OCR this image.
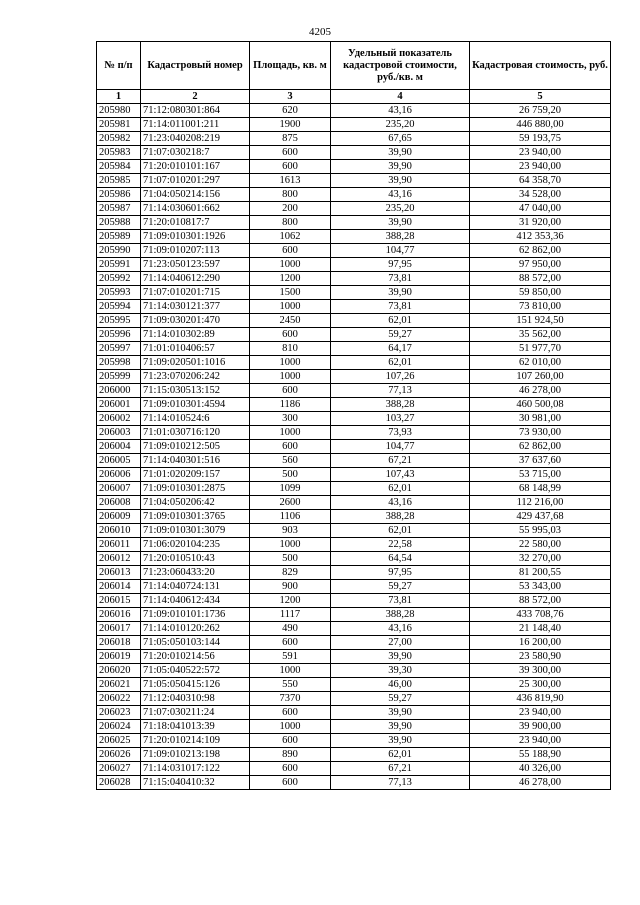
4205
№ п/п	Кадастровый номер	Площадь, кв. м	Удельный показатель кадастровой стоимости, руб./кв. м	Кадастровая стоимость, руб.
1	2	3	4	5
205980	71:12:080301:864	620	43,16	26 759,20
205981	71:14:011001:211	1900	235,20	446 880,00
205982	71:23:040208:219	875	67,65	59 193,75
205983	71:07:030218:7	600	39,90	23 940,00
205984	71:20:010101:167	600	39,90	23 940,00
205985	71:07:010201:297	1613	39,90	64 358,70
205986	71:04:050214:156	800	43,16	34 528,00
205987	71:14:030601:662	200	235,20	47 040,00
205988	71:20:010817:7	800	39,90	31 920,00
205989	71:09:010301:1926	1062	388,28	412 353,36
205990	71:09:010207:113	600	104,77	62 862,00
205991	71:23:050123:597	1000	97,95	97 950,00
205992	71:14:040612:290	1200	73,81	88 572,00
205993	71:07:010201:715	1500	39,90	59 850,00
205994	71:14:030121:377	1000	73,81	73 810,00
205995	71:09:030201:470	2450	62,01	151 924,50
205996	71:14:010302:89	600	59,27	35 562,00
205997	71:01:010406:57	810	64,17	51 977,70
205998	71:09:020501:1016	1000	62,01	62 010,00
205999	71:23:070206:242	1000	107,26	107 260,00
206000	71:15:030513:152	600	77,13	46 278,00
206001	71:09:010301:4594	1186	388,28	460 500,08
206002	71:14:010524:6	300	103,27	30 981,00
206003	71:01:030716:120	1000	73,93	73 930,00
206004	71:09:010212:505	600	104,77	62 862,00
206005	71:14:040301:516	560	67,21	37 637,60
206006	71:01:020209:157	500	107,43	53 715,00
206007	71:09:010301:2875	1099	62,01	68 148,99
206008	71:04:050206:42	2600	43,16	112 216,00
206009	71:09:010301:3765	1106	388,28	429 437,68
206010	71:09:010301:3079	903	62,01	55 995,03
206011	71:06:020104:235	1000	22,58	22 580,00
206012	71:20:010510:43	500	64,54	32 270,00
206013	71:23:060433:20	829	97,95	81 200,55
206014	71:14:040724:131	900	59,27	53 343,00
206015	71:14:040612:434	1200	73,81	88 572,00
206016	71:09:010101:1736	1117	388,28	433 708,76
206017	71:14:010120:262	490	43,16	21 148,40
206018	71:05:050103:144	600	27,00	16 200,00
206019	71:20:010214:56	591	39,90	23 580,90
206020	71:05:040522:572	1000	39,30	39 300,00
206021	71:05:050415:126	550	46,00	25 300,00
206022	71:12:040310:98	7370	59,27	436 819,90
206023	71:07:030211:24	600	39,90	23 940,00
206024	71:18:041013:39	1000	39,90	39 900,00
206025	71:20:010214:109	600	39,90	23 940,00
206026	71:09:010213:198	890	62,01	55 188,90
206027	71:14:031017:122	600	67,21	40 326,00
206028	71:15:040410:32	600	77,13	46 278,00
